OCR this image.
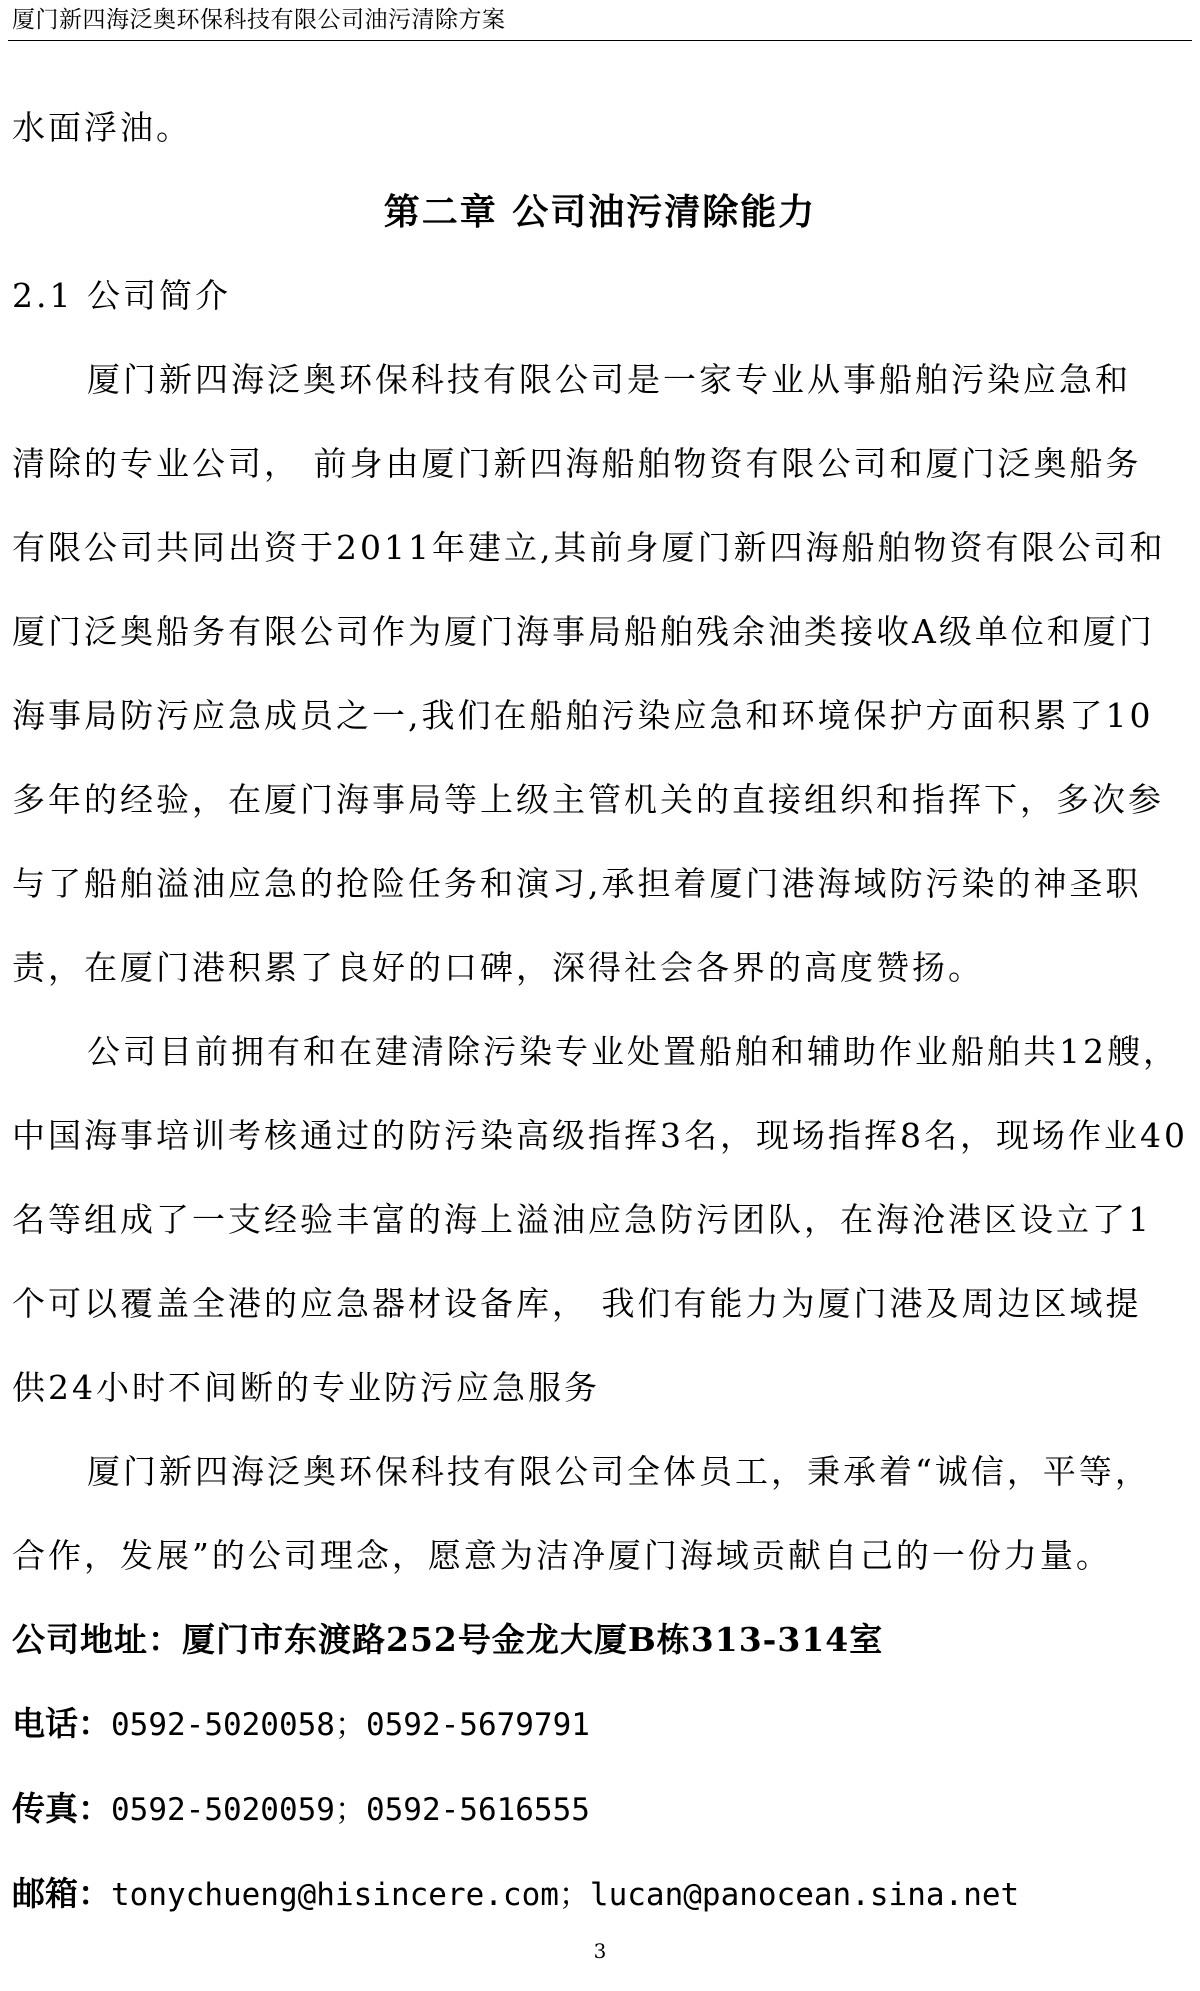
厦门新四海泛奥环保科技有限公司油污清除方案
水面浮油。
第二章 公司油污清除能力
2.1 公司简介
厦门新四海泛奥环保科技有限公司是一家专业从事船舶污染应急和
清除的专业公司， 前身由厦门新四海船舶物资有限公司和厦门泛奥船务
有限公司共同出资于2011年建立,其前身厦门新四海船舶物资有限公司和
厦门泛奥船务有限公司作为厦门海事局船舶残余油类接收A级单位和厦门
海事局防污应急成员之一,我们在船舶污染应急和环境保护方面积累了10
多年的经验，在厦门海事局等上级主管机关的直接组织和指挥下，多次参
与了船舶溢油应急的抢险任务和演习,承担着厦门港海域防污染的神圣职
责，在厦门港积累了良好的口碑，深得社会各界的高度赞扬。
公司目前拥有和在建清除污染专业处置船舶和辅助作业船舶共12艘，
中国海事培训考核通过的防污染高级指挥3名，现场指挥8名，现场作业40
名等组成了一支经验丰富的海上溢油应急防污团队，在海沧港区设立了1
个可以覆盖全港的应急器材设备库， 我们有能力为厦门港及周边区域提
供24小时不间断的专业防污应急服务
厦门新四海泛奥环保科技有限公司全体员工，秉承着“诚信，平等，
合作，发展”的公司理念，愿意为洁净厦门海域贡献自己的一份力量。
公司地址：厦门市东渡路252号金龙大厦B栋313-314室
电话：0592-5020058；0592-5679791
传真：0592-5020059；0592-5616555
邮箱：tonychueng@hisincere.com；lucan@panocean.sina.net
3
